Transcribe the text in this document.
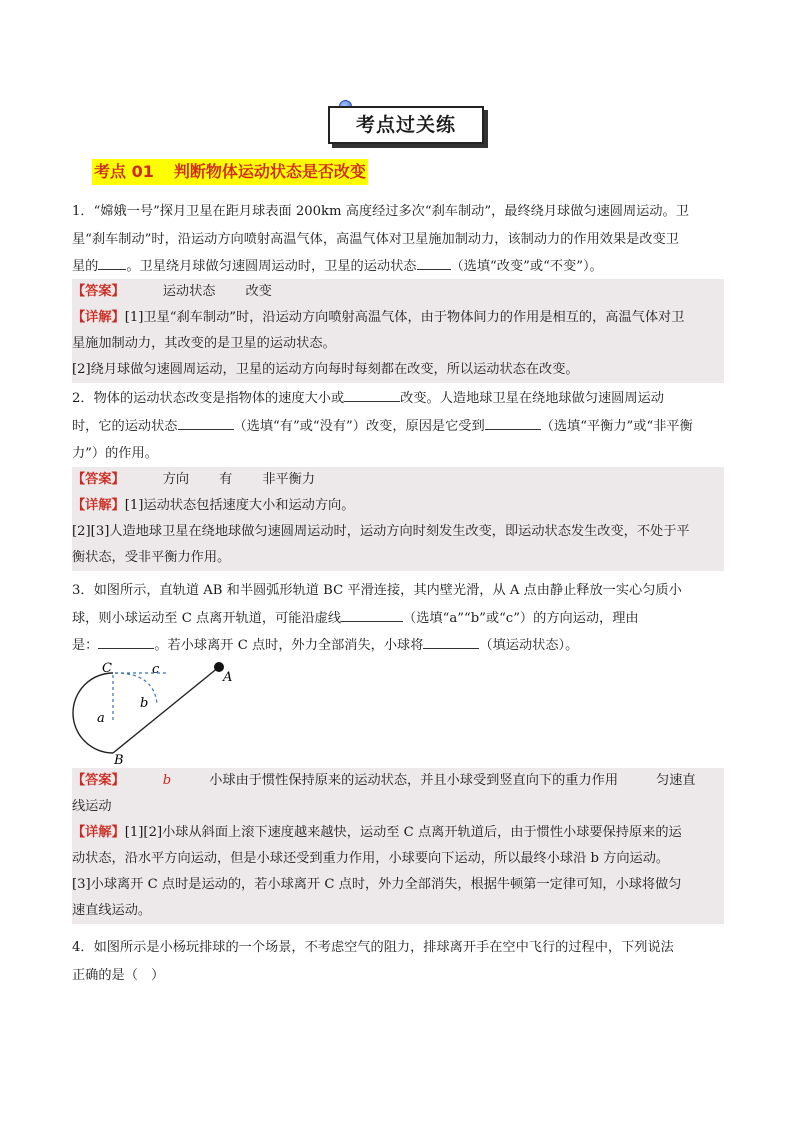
考点过关练
考点 01 判断物体运动状态是否改变
1．“嫦娥一号”探月卫星在距月球表面 200km 高度经过多次“刹车制动”，最终绕月球做匀速圆周运动。卫
星“刹车制动”时，沿运动方向喷射高温气体，高温气体对卫星施加制动力，该制动力的作用效果是改变卫
星的 。卫星绕月球做匀速圆周运动时，卫星的运动状态	（选填“改变”或“不变”）。
【答案】	运动状态 改变
【详解】[1]卫星“刹车制动”时，沿运动方向喷射高温气体，由于物体间力的作用是相互的，高温气体对卫
星施加制动力，其改变的是卫星的运动状态。
[2]绕月球做匀速圆周运动，卫星的运动方向每时每刻都在改变，所以运动状态在改变。
2．物体的运动状态改变是指物体的速度大小或	改变。人造地球卫星在绕地球做匀速圆周运动
时，它的运动状态	（选填“有”或“没有”）改变，原因是它受到	（选填“平衡力”或“非平衡
力”）的作用。
【答案】	方向 有 非平衡力
【详解】[1]运动状态包括速度大小和运动方向。
[2][3]人造地球卫星在绕地球做匀速圆周运动时，运动方向时刻发生改变，即运动状态发生改变，不处于平
衡状态，受非平衡力作用。
3．如图所示，直轨道 AB 和半圆弧形轨道 BC 平滑连接，其内壁光滑，从 A 点由静止释放一实心匀质小
球，则小球运动至 C 点离开轨道，可能沿虚线	（选填“a”“b”或“c”）的方向运动，理由
是：	。若小球离开 C 点时，外力全部消失，小球将	（填运动状态）。
C	c
b
a
A
B
【答案】	b	小球由于惯性保持原来的运动状态，并且小球受到竖直向下的重力作用	匀速直
线运动
【详解】[1][2]小球从斜面上滚下速度越来越快，运动至 C 点离开轨道后，由于惯性小球要保持原来的运
动状态，沿水平方向运动，但是小球还受到重力作用，小球要向下运动，所以最终小球沿 b 方向运动。
[3]小球离开 C 点时是运动的，若小球离开 C 点时，外力全部消失，根据牛顿第一定律可知，小球将做匀
速直线运动。
4．如图所示是小杨玩排球的一个场景，不考虑空气的阻力，排球离开手在空中飞行的过程中，下列说法
正确的是（　）
